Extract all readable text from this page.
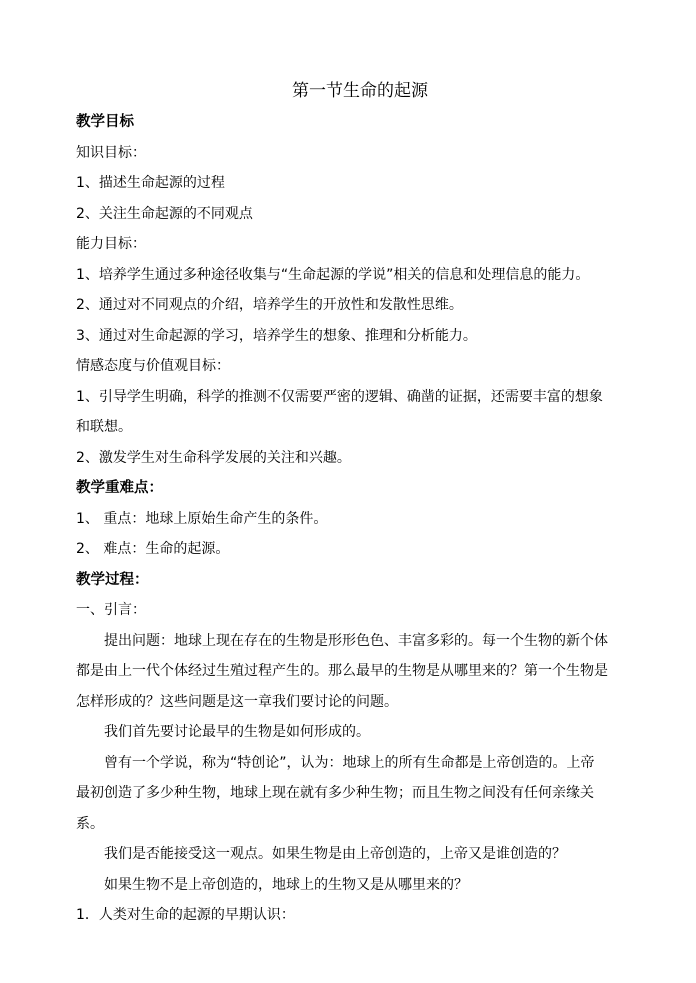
第一节生命的起源
教学目标
知识目标：
1、描述生命起源的过程
2、关注生命起源的不同观点
能力目标：
1、培养学生通过多种途径收集与“生命起源的学说”相关的信息和处理信息的能力。
2、通过对不同观点的介绍，培养学生的开放性和发散性思维。
3、通过对生命起源的学习，培养学生的想象、推理和分析能力。
情感态度与价值观目标：
1、引导学生明确，科学的推测不仅需要严密的逻辑、确凿的证据，还需要丰富的想象和联想。
2、激发学生对生命科学发展的关注和兴趣。
教学重难点：
1、 重点：地球上原始生命产生的条件。
2、 难点：生命的起源。
教学过程：
一、引言：
提出问题：地球上现在存在的生物是形形色色、丰富多彩的。每一个生物的新个体都是由上一代个体经过生殖过程产生的。那么最早的生物是从哪里来的？第一个生物是怎样形成的？这些问题是这一章我们要讨论的问题。
我们首先要讨论最早的生物是如何形成的。
曾有一个学说，称为“特创论”，认为：地球上的所有生命都是上帝创造的。上帝最初创造了多少种生物，地球上现在就有多少种生物；而且生物之间没有任何亲缘关系。
我们是否能接受这一观点。如果生物是由上帝创造的，上帝又是谁创造的？
如果生物不是上帝创造的，地球上的生物又是从哪里来的？
1．人类对生命的起源的早期认识：
